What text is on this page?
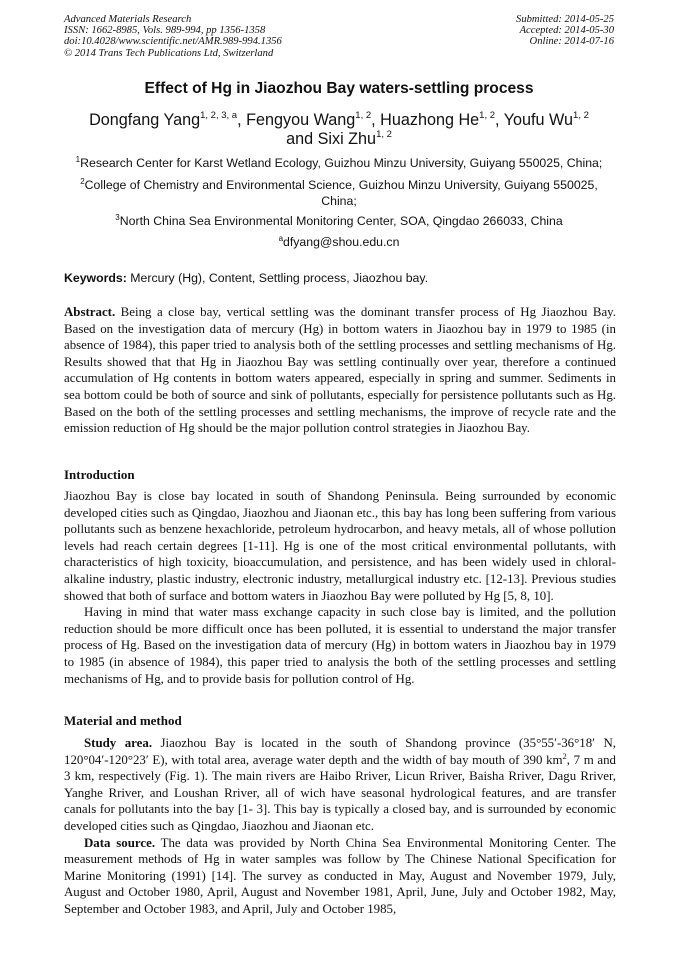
Advanced Materials Research
ISSN: 1662-8985, Vols. 989-994, pp 1356-1358
doi:10.4028/www.scientific.net/AMR.989-994.1356
© 2014 Trans Tech Publications Ltd, Switzerland
Submitted: 2014-05-25
Accepted: 2014-05-30
Online: 2014-07-16
Effect of Hg in Jiaozhou Bay waters-settling process
Dongfang Yang$^{1, 2, 3, a}$, Fengyou Wang$^{1, 2}$, Huazhong He$^{1, 2}$, Youfu Wu$^{1, 2}$
and Sixi Zhu$^{1, 2}$
$^1$Research Center for Karst Wetland Ecology, Guizhou Minzu University, Guiyang 550025, China;
$^2$College of Chemistry and Environmental Science, Guizhou Minzu University, Guiyang 550025,
China;
$^3$North China Sea Environmental Monitoring Center, SOA, Qingdao 266033, China
$^a$dfyang@shou.edu.cn
Keywords: Mercury (Hg), Content, Settling process, Jiaozhou bay.

Abstract. Being a close bay, vertical settling was the dominant transfer process of Hg Jiaozhou Bay. Based on the investigation data of mercury (Hg) in bottom waters in Jiaozhou bay in 1979 to 1985 (in absence of 1984), this paper tried to analysis both of the settling processes and settling mechanisms of Hg. Results showed that that Hg in Jiaozhou Bay was settling continually over year, therefore a continued accumulation of Hg contents in bottom waters appeared, especially in spring and summer. Sediments in sea bottom could be both of source and sink of pollutants, especially for persistence pollutants such as Hg. Based on the both of the settling processes and settling mechanisms, the improve of recycle rate and the emission reduction of Hg should be the major pollution control strategies in Jiaozhou Bay.

Introduction

Jiaozhou Bay is close bay located in south of Shandong Peninsula. Being surrounded by economic developed cities such as Qingdao, Jiaozhou and Jiaonan etc., this bay has long been suffering from various pollutants such as benzene hexachloride, petroleum hydrocarbon, and heavy metals, all of whose pollution levels had reach certain degrees [1-11]. Hg is one of the most critical environmental pollutants, with characteristics of high toxicity, bioaccumulation, and persistence, and has been widely used in chloral-alkaline industry, plastic industry, electronic industry, metallurgical industry etc. [12-13]. Previous studies showed that both of surface and bottom waters in Jiaozhou Bay were polluted by Hg [5, 8, 10].

Having in mind that water mass exchange capacity in such close bay is limited, and the pollution reduction should be more difficult once has been polluted, it is essential to understand the major transfer process of Hg. Based on the investigation data of mercury (Hg) in bottom waters in Jiaozhou bay in 1979 to 1985 (in absence of 1984), this paper tried to analysis the both of the settling processes and settling mechanisms of Hg, and to provide basis for pollution control of Hg.

Material and method

Study area. Jiaozhou Bay is located in the south of Shandong province (35°55′-36°18′ N, 120°04′-120°23′ E), with total area, average water depth and the width of bay mouth of 390 $km^2$, 7 m and 3 km, respectively (Fig. 1). The main rivers are Haibo Rriver, Licun Rriver, Baisha Rriver, Dagu Rriver, Yanghe Rriver, and Loushan Rriver, all of wich have seasonal hydrological features, and are transfer canals for pollutants into the bay [1- 3]. This bay is typically a closed bay, and is surrounded by economic developed cities such as Qingdao, Jiaozhou and Jiaonan etc.

Data source. The data was provided by North China Sea Environmental Monitoring Center. The measurement methods of Hg in water samples was follow by The Chinese National Specification for Marine Monitoring (1991) [14]. The survey as conducted in May, August and November 1979, July, August and October 1980, April, August and November 1981, April, June, July and October 1982, May, September and October 1983, and April, July and October 1985,
